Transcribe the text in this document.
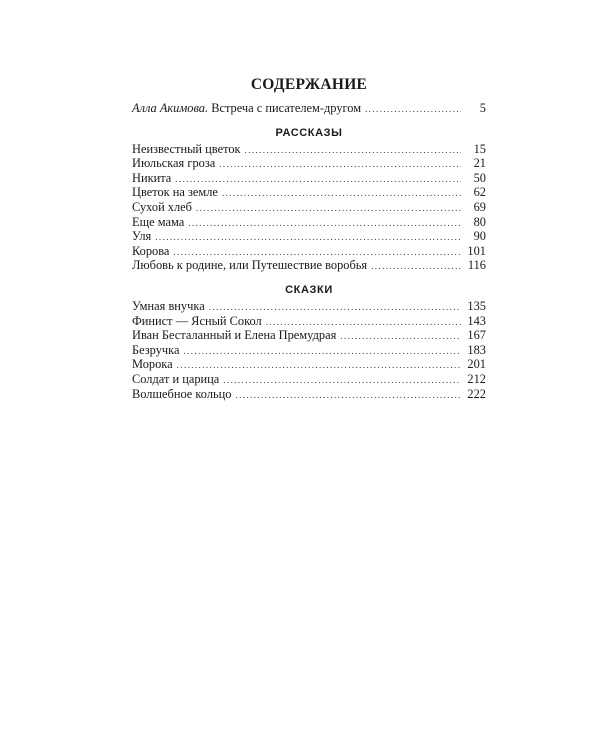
СОДЕРЖАНИЕ
Алла Акимова. Встреча с писателем-другом .....	5
РАССКАЗЫ
Неизвестный цветок .....	15
Июльская гроза .....	21
Никита .....	50
Цветок на земле .....	62
Сухой хлеб .....	69
Еще мама .....	80
Уля .....	90
Корова .....	101
Любовь к родине, или Путешествие воробья .....	116
СКАЗКИ
Умная внучка .....	135
Финист — Ясный Сокол .....	143
Иван Бесталанный и Елена Премудрая .....	167
Безручка .....	183
Морока .....	201
Солдат и царица .....	212
Волшебное кольцо .....	222
